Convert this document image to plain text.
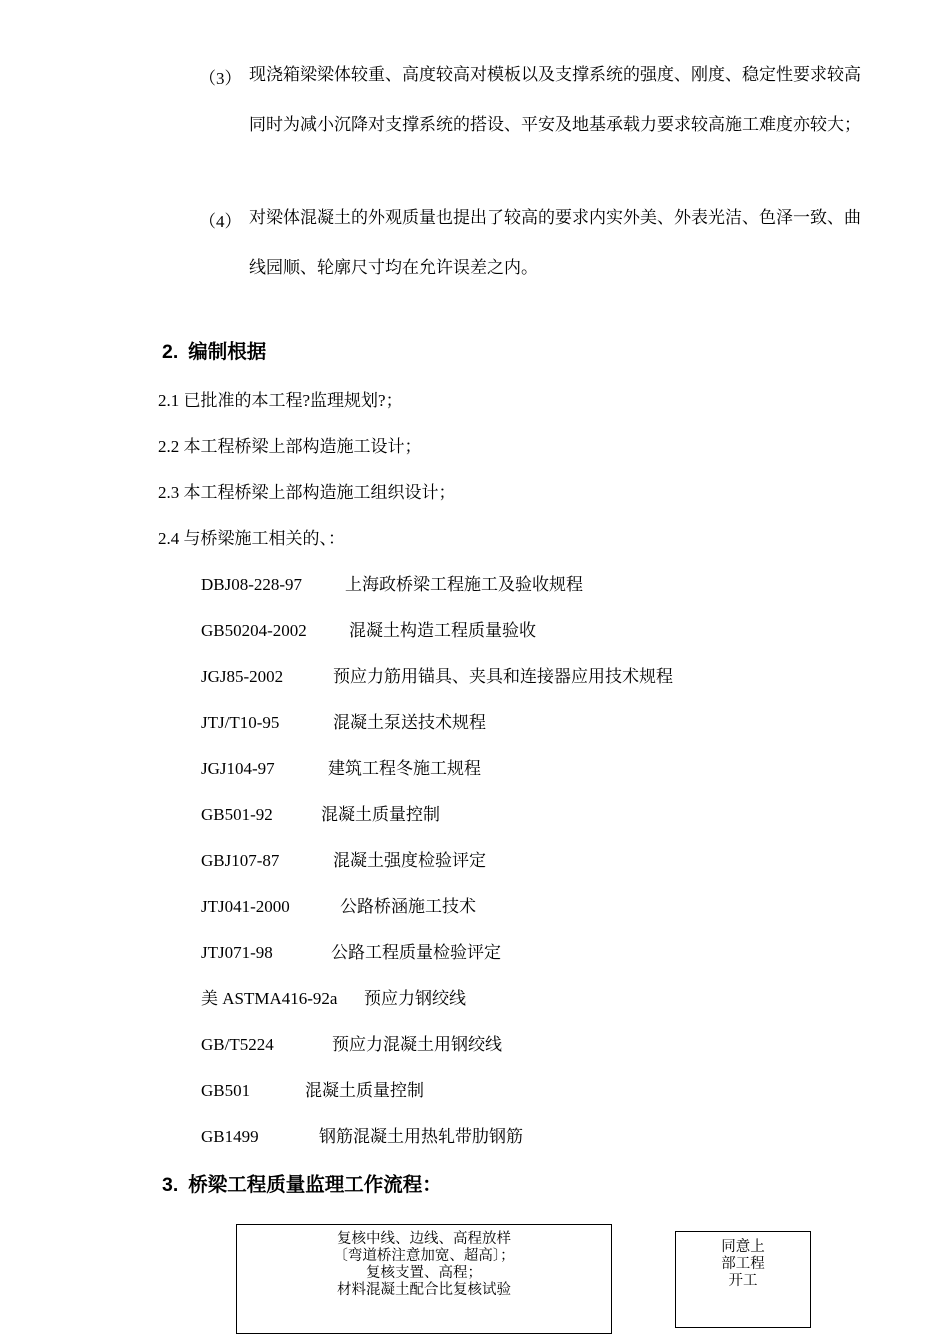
（3） 现浇箱梁梁体较重、高度较高对模板以及支撑系统的强度、刚度、稳定性要求较高同时为减小沉降对支撑系统的搭设、平安及地基承载力要求较高施工难度亦较大；
（4） 对梁体混凝土的外观质量也提出了较高的要求内实外美、外表光洁、色泽一致、曲线园顺、轮廓尺寸均在允许误差之内。
2. 编制根据
2.1 已批准的本工程?监理规划?；
2.2 本工程桥梁上部构造施工设计；
2.3 本工程桥梁上部构造施工组织设计；
2.4 与桥梁施工相关的、：
DBJ08-228-97	上海政桥梁工程施工及验收规程
GB50204-2002 混凝土构造工程质量验收
JGJ85-2002	预应力筋用锚具、夹具和连接器应用技术规程
JTJ/T10-95	混凝土泵送技术规程
JGJ104-97	建筑工程冬施工规程
GB501-92	混凝土质量控制
GBJ107-87	混凝土强度检验评定
JTJ041-2000	公路桥涵施工技术
JTJ071-98	公路工程质量检验评定
美 ASTMA416-92a 预应力钢绞线
GB/T5224	预应力混凝土用钢绞线
GB501	混凝土质量控制
GB1499	钢筋混凝土用热轧带肋钢筋
3. 桥梁工程质量监理工作流程：
复核中线、边线、高程放样
〔弯道桥注意加宽、超高〕；
复核支置、高程；
材料混凝土配合比复核试验
同意上
部工程
开工
